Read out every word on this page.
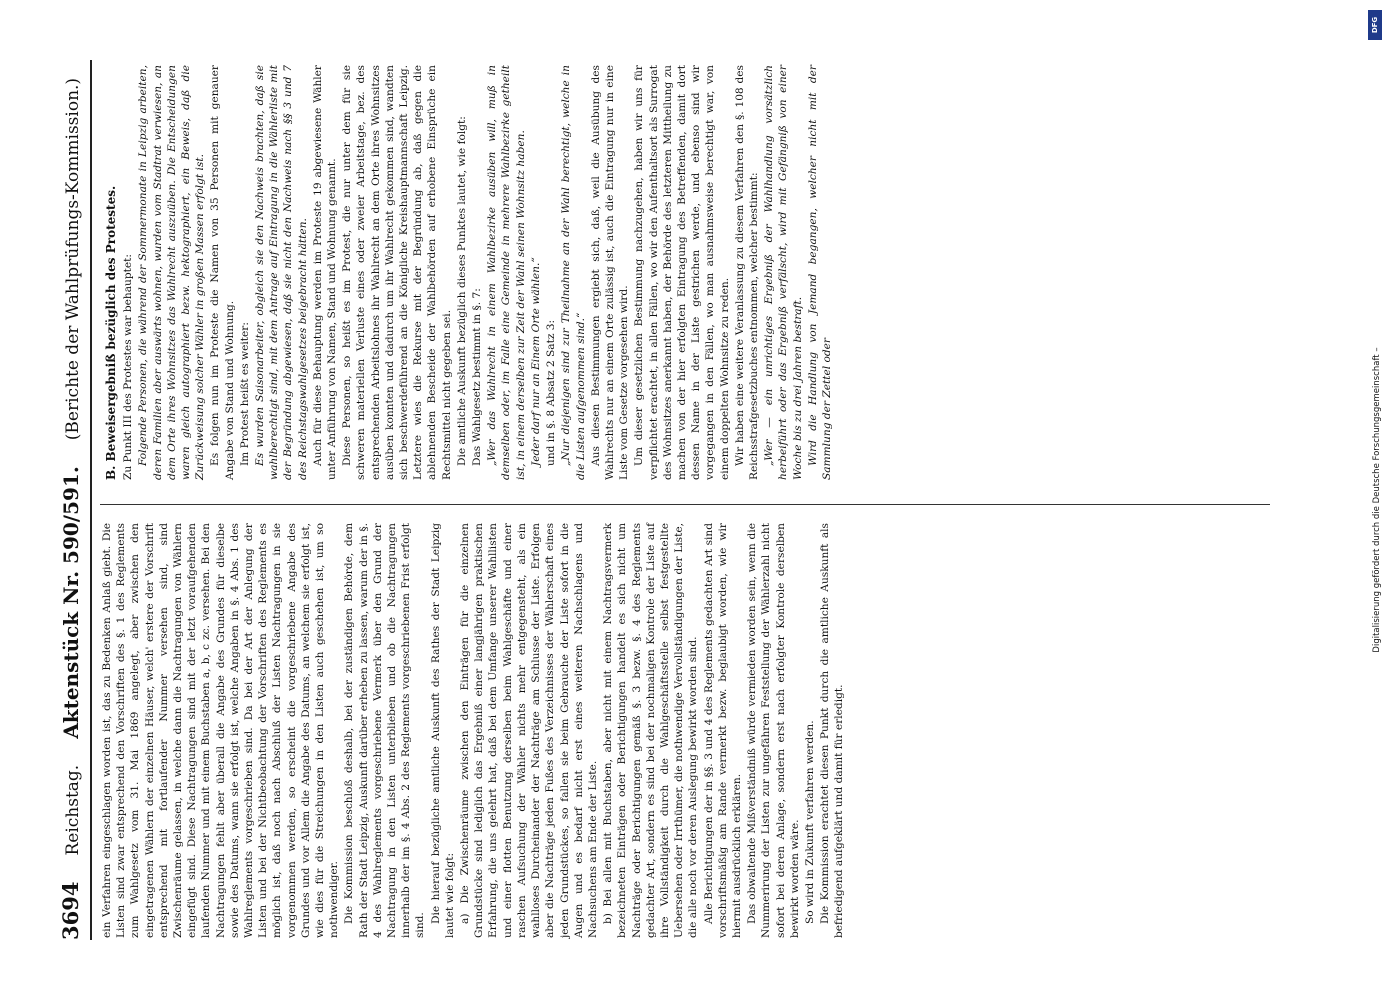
3694
Reichstag.
Aktenstück Nr. 590/591.
(Berichte der Wahlprüfungs-Kommission.)

ein Verfahren eingeschlagen worden ist, das zu Bedenken Anlaß giebt. Die Listen sind zwar entsprechend den Vorschriften des §. 1 des Reglements zum Wahlgesetz vom 31. Mai 1869 angelegt, aber zwischen den eingetragenen Wählern der einzelnen Häuser, welch' erstere der Vorschrift entsprechend mit fortlaufender Nummer versehen sind, sind Zwischenräume gelassen, in welche dann die Nachtragungen von Wählern eingefügt sind. Diese Nachtragungen sind mit der letzt voraufgehenden laufenden Nummer und mit einem Buchstaben a, b, c zc. versehen. Bei den Nachtragungen fehlt aber überall die Angabe des Grundes für dieselbe sowie des Datums, wann sie erfolgt ist, welche Angaben in §. 4 Abs. 1 des Wahlreglements vorgeschrieben sind. Da bei der Art der Anlegung der Listen und bei der Nichtbeobachtung der Vorschriften des Reglements es möglich ist, daß noch nach Abschluß der Listen Nachtragungen in sie vorgenommen werden, so erscheint die vorgeschriebene Angabe des Grundes und vor Allem die Angabe des Datums, an welchem sie erfolgt ist, wie dies für die Streichungen in den Listen auch geschehen ist, um so nothwendiger. Die Kommission beschloß deshalb, bei der zuständigen Behörde, dem Rath der Stadt Leipzig, Auskunft darüber erheben zu lassen, warum der in §. 4 des Wahlreglements vorgeschriebene Vermerk über den Grund der Nachtragung in den Listen unterblieben und ob die Nachtragungen innerhalb der im §. 4 Abs. 2 des Reglements vorgeschriebenen Frist erfolgt sind.

Die hierauf bezügliche amtliche Auskunft des Rathes der Stadt Leipzig lautet wie folgt: a) Die Zwischenräume zwischen den Einträgen für die einzelnen Grundstücke sind lediglich das Ergebniß einer langjährigen praktischen Erfahrung, die uns gelehrt hat, daß bei dem Umfange unserer Wahllisten und einer flotten Benutzung derselben beim Wahlgeschäfte und einer raschen Aufsuchung der Wähler nichts mehr entgegensteht, als ein wahlloses Durcheinander der Nachträge am Schlusse der Liste. Erfolgen aber die Nachträge jeden Fußes des Verzeichnisses der Wählerschaft eines jeden Grundstückes, so fallen sie beim Gebrauche der Liste sofort in die Augen und es bedarf nicht erst eines weiteren Nachschlagens und Nachsuchens am Ende der Liste. b) Bei allen mit Buchstaben, aber nicht mit einem Nachtragsvermerk bezeichneten Einträgen oder Berichtigungen handelt es sich nicht um Nachträge oder Berichtigungen gemäß §. 3 bezw. §. 4 des Reglements gedachter Art, sondern es sind bei der nochmaligen Kontrole der Liste auf ihre Vollständigkeit durch die Wahlgeschäftsstelle selbst festgestellte Uebersehen oder Irrthümer, die nothwendige Vervollständigungen der Liste, die alle noch vor deren Auslegung bewirkt worden sind. Alle Berichtigungen der in §§. 3 und 4 des Reglements gedachten Art sind vorschriftsmäßig am Rande vermerkt bezw. beglaubigt worden, wie wir hiermit ausdrücklich erklären. Das obwaltende Mißverständniß würde vermieden worden sein, wenn die Nummerirung der Listen zur ungefähren Feststellung der Wählerzahl nicht sofort bei deren Anlage, sondern erst nach erfolgter Kontrole derselben bewirkt worden wäre. So wird in Zukunft verfahren werden. Die Kommission erachtet diesen Punkt durch die amtliche Auskunft als befriedigend aufgeklärt und damit für erledigt.

B. Beweisergebniß bezüglich des Protestes. Zu Punkt III des Protestes war behauptet: Folgende Personen, die während der Sommermonate in Leipzig arbeiten, deren Familien aber auswärts wohnen, wurden vom Stadtrat verwiesen, an dem Orte ihres Wohnsitzes das Wahlrecht auszuüben. Die Entscheidungen waren gleich autographiert bezw. hektographiert, ein Beweis, daß die Zurückweisung solcher Wähler in großen Massen erfolgt ist. Es folgen nun im Proteste die Namen von 35 Personen mit genauer Angabe von Stand und Wohnung. Im Protest heißt es weiter: Es wurden Saisonarbeiter, obgleich sie den Nachweis brachten, daß sie wahlberechtigt sind, mit dem Antrage auf Eintragung in die Wählerliste mit der Begründung abgewiesen, daß sie nicht den Nachweis nach §§ 3 und 7 des Reichstagswahlgesetzes beigebracht hätten. Auch für diese Behauptung werden im Proteste 19 abgewiesene Wähler unter Anführung von Namen, Stand und Wohnung genannt. Diese Personen, so heißt es im Protest, die nur unter dem für sie schweren materiellen Verluste eines oder zweier Arbeitstage, bez. des entsprechenden Arbeitslohnes ihr Wahlrecht an dem Orte ihres Wohnsitzes ausüben konnten und dadurch um ihr Wahlrecht gekommen sind, wandten sich beschwerdeführend an die Königliche Kreishauptmannschaft Leipzig. Letztere wies die Rekurse mit der Begründung ab, daß gegen die ablehnenden Bescheide der Wahlbehörden auf erhobene Einsprüche ein Rechtsmittel nicht gegeben sei. Die amtliche Auskunft bezüglich dieses Punktes lautet, wie folgt: Das Wahlgesetz bestimmt in §. 7: „Wer das Wahlrecht in einem Wahlbezirke ausüben will, muß in demselben oder, im Falle eine Gemeinde in mehrere Wahlbezirke getheilt ist, in einem derselben zur Zeit der Wahl seinen Wohnsitz haben. Jeder darf nur an Einem Orte wählen.“ und in §. 8 Absatz 2 Satz 3: „Nur diejenigen sind zur Theilnahme an der Wahl berechtigt, welche in die Listen aufgenommen sind.“ Aus diesen Bestimmungen ergiebt sich, daß, weil die Ausübung des Wahlrechts nur an einem Orte zulässig ist, auch die Eintragung nur in eine Liste vom Gesetze vorgesehen wird. Um dieser gesetzlichen Bestimmung nachzugehen, haben wir uns für verpflichtet erachtet, in allen Fällen, wo wir den Aufenthaltsort als Surrogat des Wohnsitzes anerkannt haben, der Behörde des letzteren Mittheilung zu machen von der hier erfolgten Eintragung des Betreffenden, damit dort dessen Name in der Liste gestrichen werde, und ebenso sind wir vorgegangen in den Fällen, wo man ausnahmsweise berechtigt war, von einem doppelten Wohnsitze zu reden. Wir haben eine weitere Veranlassung zu diesem Verfahren den §. 108 des Reichsstrafgesetzbuches entnommen, welcher bestimmt: „Wer — ein unrichtiges Ergebniß der Wahlhandlung vorsätzlich herbeiführt oder das Ergebniß verfälscht, wird mit Gefängniß von einer Woche bis zu drei Jahren bestraft. Wird die Handlung von Jemand begangen, welcher nicht mit der Sammlung der Zettel oder	Digitalisierung gefördert durch die Deutsche Forschungsgemeinschaft –
DFG
